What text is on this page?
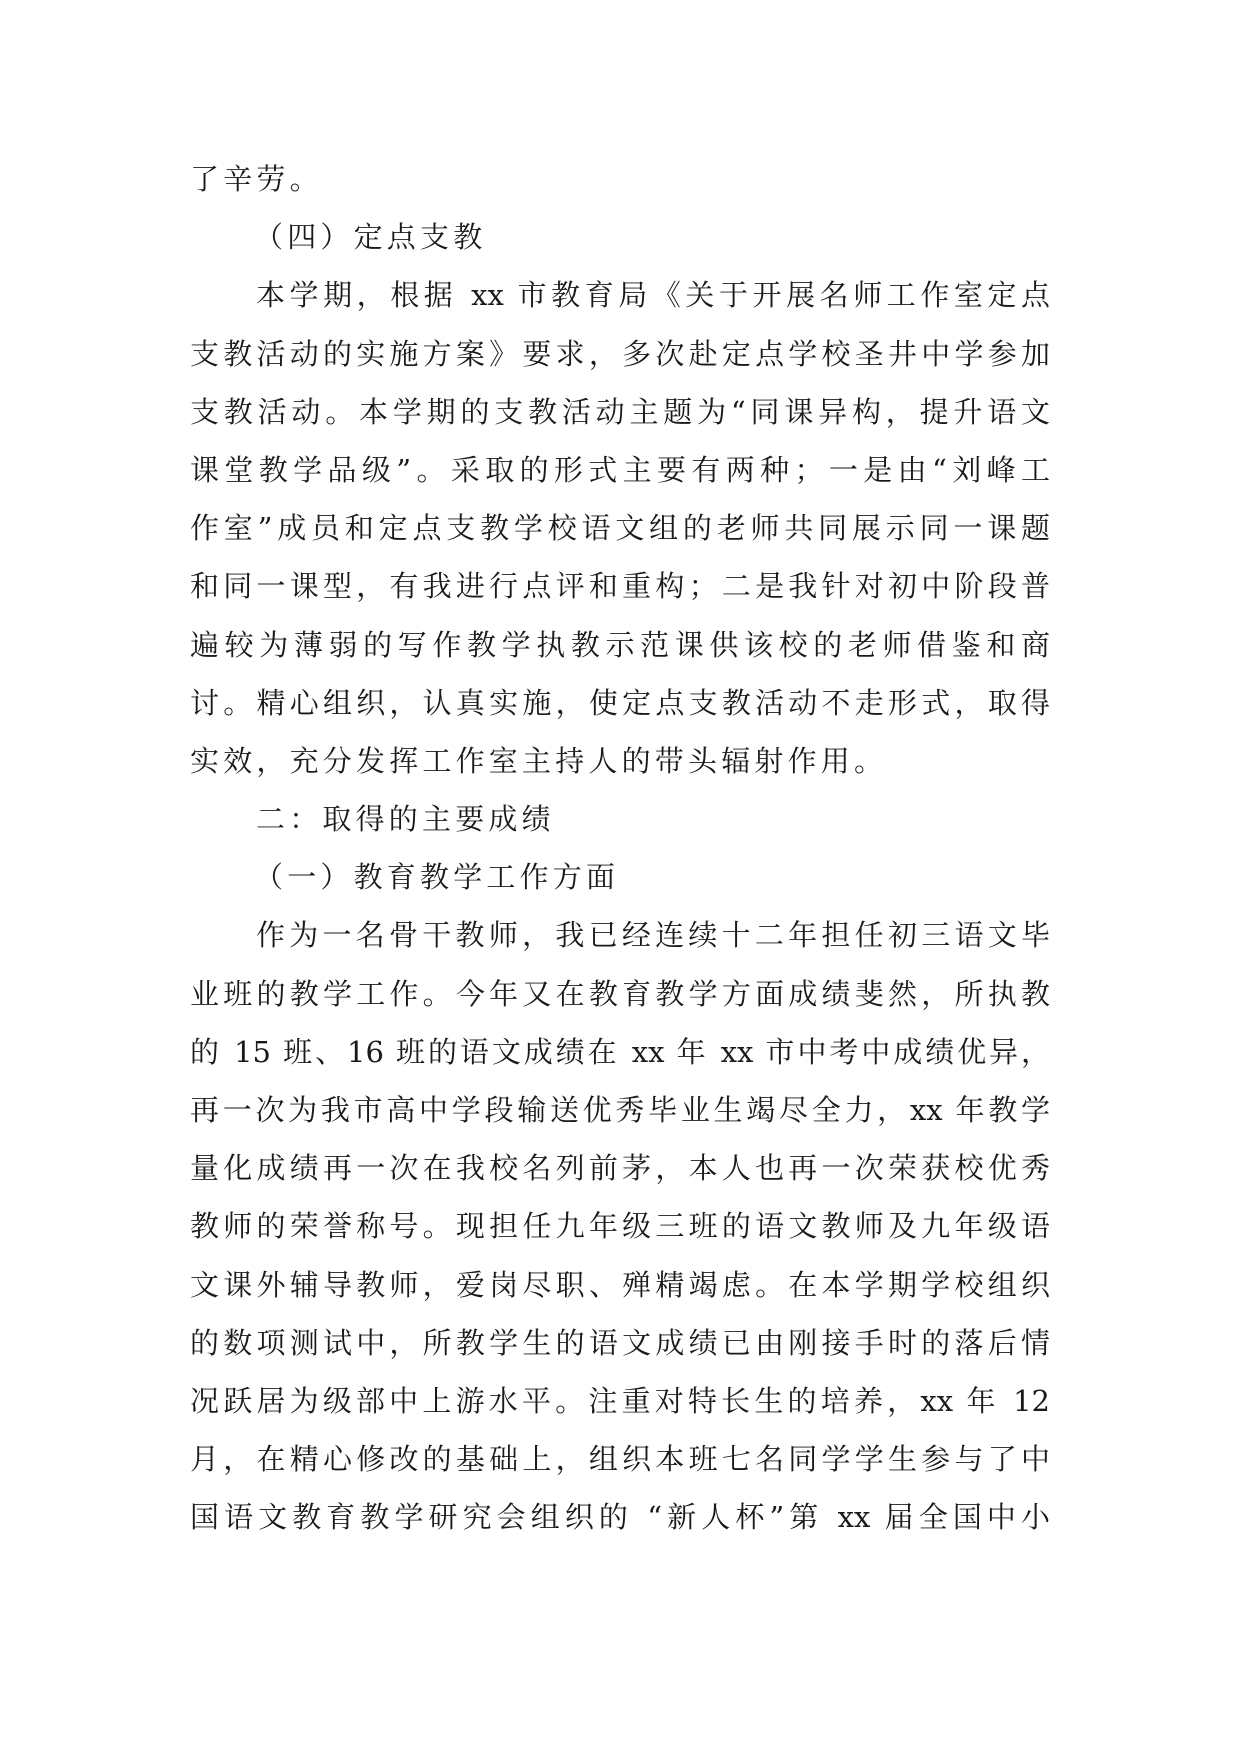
了辛劳。
（四）定点支教
本学期，根据 xx 市教育局《关于开展名师工作室定点
支教活动的实施方案》要求，多次赴定点学校圣井中学参加
支教活动。本学期的支教活动主题为“同课异构，提升语文
课堂教学品级”。采取的形式主要有两种；一是由“刘峰工
作室”成员和定点支教学校语文组的老师共同展示同一课题
和同一课型，有我进行点评和重构；二是我针对初中阶段普
遍较为薄弱的写作教学执教示范课供该校的老师借鉴和商
讨。精心组织，认真实施，使定点支教活动不走形式，取得
实效，充分发挥工作室主持人的带头辐射作用。
二：取得的主要成绩
（一）教育教学工作方面
作为一名骨干教师，我已经连续十二年担任初三语文毕
业班的教学工作。今年又在教育教学方面成绩斐然，所执教
的 15 班、16 班的语文成绩在 xx 年 xx 市中考中成绩优异，
再一次为我市高中学段输送优秀毕业生竭尽全力，xx 年教学
量化成绩再一次在我校名列前茅，本人也再一次荣获校优秀
教师的荣誉称号。现担任九年级三班的语文教师及九年级语
文课外辅导教师，爱岗尽职、殚精竭虑。在本学期学校组织
的数项测试中，所教学生的语文成绩已由刚接手时的落后情
况跃居为级部中上游水平。注重对特长生的培养，xx 年 12
月，在精心修改的基础上，组织本班七名同学学生参与了中
国语文教育教学研究会组织的 “新人杯”第 xx 届全国中小
